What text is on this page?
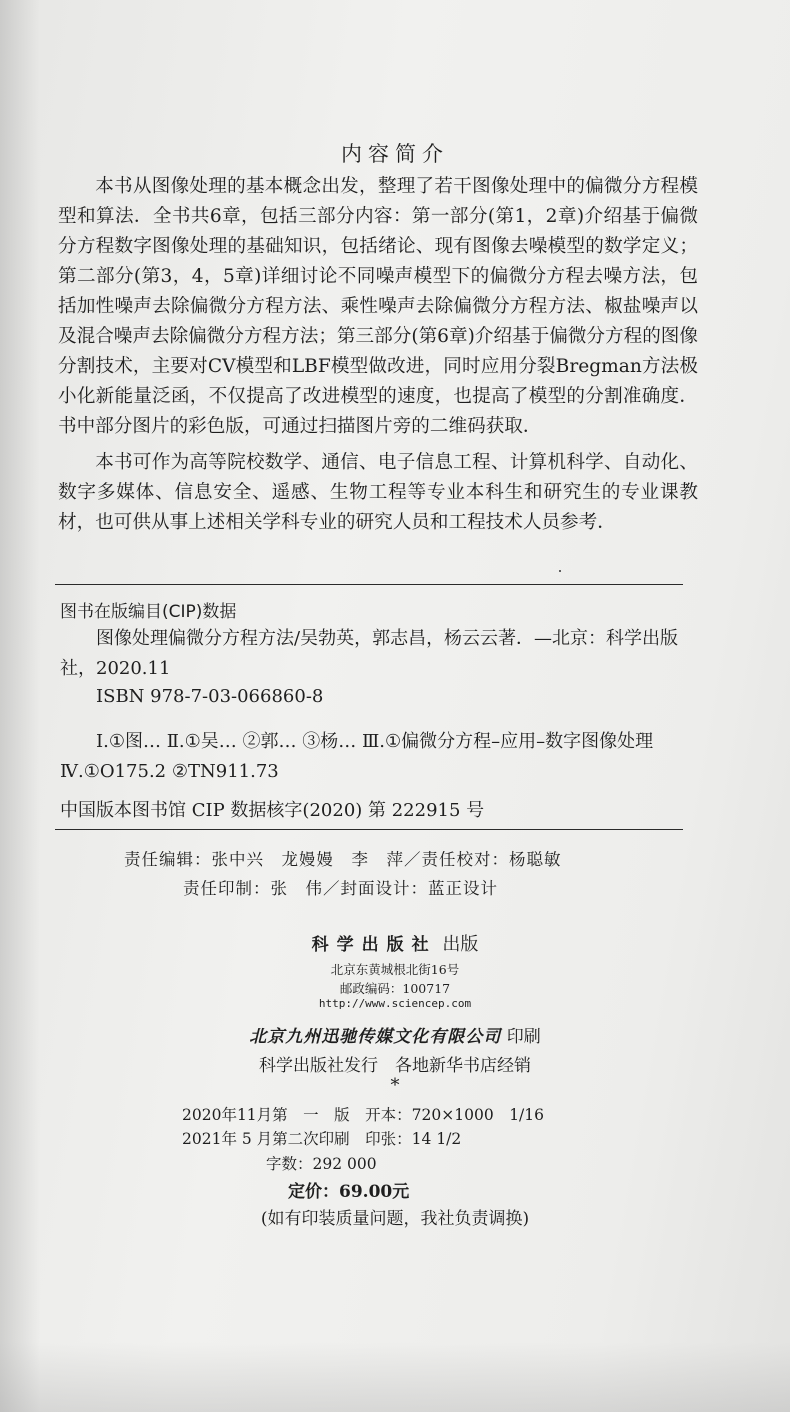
内容简介

本书从图像处理的基本概念出发，整理了若干图像处理中的偏微分方程模型和算法．全书共6章，包括三部分内容：第一部分(第1，2章)介绍基于偏微分方程数字图像处理的基础知识，包括绪论、现有图像去噪模型的数学定义；第二部分(第3，4，5章)详细讨论不同噪声模型下的偏微分方程去噪方法，包括加性噪声去除偏微分方程方法、乘性噪声去除偏微分方程方法、椒盐噪声以及混合噪声去除偏微分方程方法；第三部分(第6章)介绍基于偏微分方程的图像分割技术，主要对CV模型和LBF模型做改进，同时应用分裂Bregman方法极小化新能量泛函，不仅提高了改进模型的速度，也提高了模型的分割准确度．书中部分图片的彩色版，可通过扫描图片旁的二维码获取．

本书可作为高等院校数学、通信、电子信息工程、计算机科学、自动化、数字多媒体、信息安全、遥感、生物工程等专业本科生和研究生的专业课教材，也可供从事上述相关学科专业的研究人员和工程技术人员参考．

图书在版编目(CIP)数据
图像处理偏微分方程方法/吴勃英，郭志昌，杨云云著．—北京：科学出版社，2020.11
ISBN 978-7-03-066860-8
Ⅰ.①图… Ⅱ.①吴… ②郭… ③杨… Ⅲ.①偏微分方程–应用–数字图像处理 Ⅳ.①O175.2 ②TN911.73
中国版本图书馆 CIP 数据核字(2020) 第 222915 号
责任编辑：张中兴　龙嫚嫚　李　萍／责任校对：杨聪敏
责任印制：张　伟／封面设计：蓝正设计
科学出版社 出版
北京东黄城根北街16号
邮政编码：100717
http://www.sciencep.com
北京九州迅驰传媒文化有限公司 印刷
科学出版社发行　各地新华书店经销
*
2020年11月第　一　版　开本：720×1000　1/16
2021年 5 月第二次印刷　印张：14 1/2
字数：292 000
定价：69.00元
(如有印装质量问题，我社负责调换)
